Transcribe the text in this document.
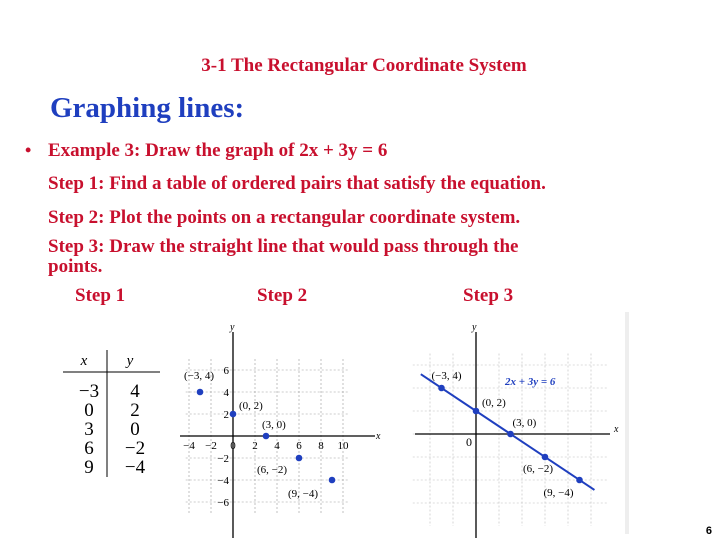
3-1 The Rectangular Coordinate System
Graphing lines:
• Example 3: Draw the graph of 2x + 3y = 6
Step 1: Find a table of ordered pairs that satisfy the equation.
Step 2: Plot the points on a rectangular coordinate system.
Step 3: Draw the straight line that would pass through the
points.
Step 1	Step 2	Step 3
x	y
−3 4
0 2
3 0
6 −2
9 −4
x
y
−4 −2 0 2 4 6 8 10
6
4
2
−2
−4
−6
(−3, 4)
(0, 2)
(3, 0)
(6, −2)
(9, −4)
x
y
0
2x + 3y = 6
(−3, 4)
(0, 2)
(3, 0)
(6, −2)
(9, −4)
6
